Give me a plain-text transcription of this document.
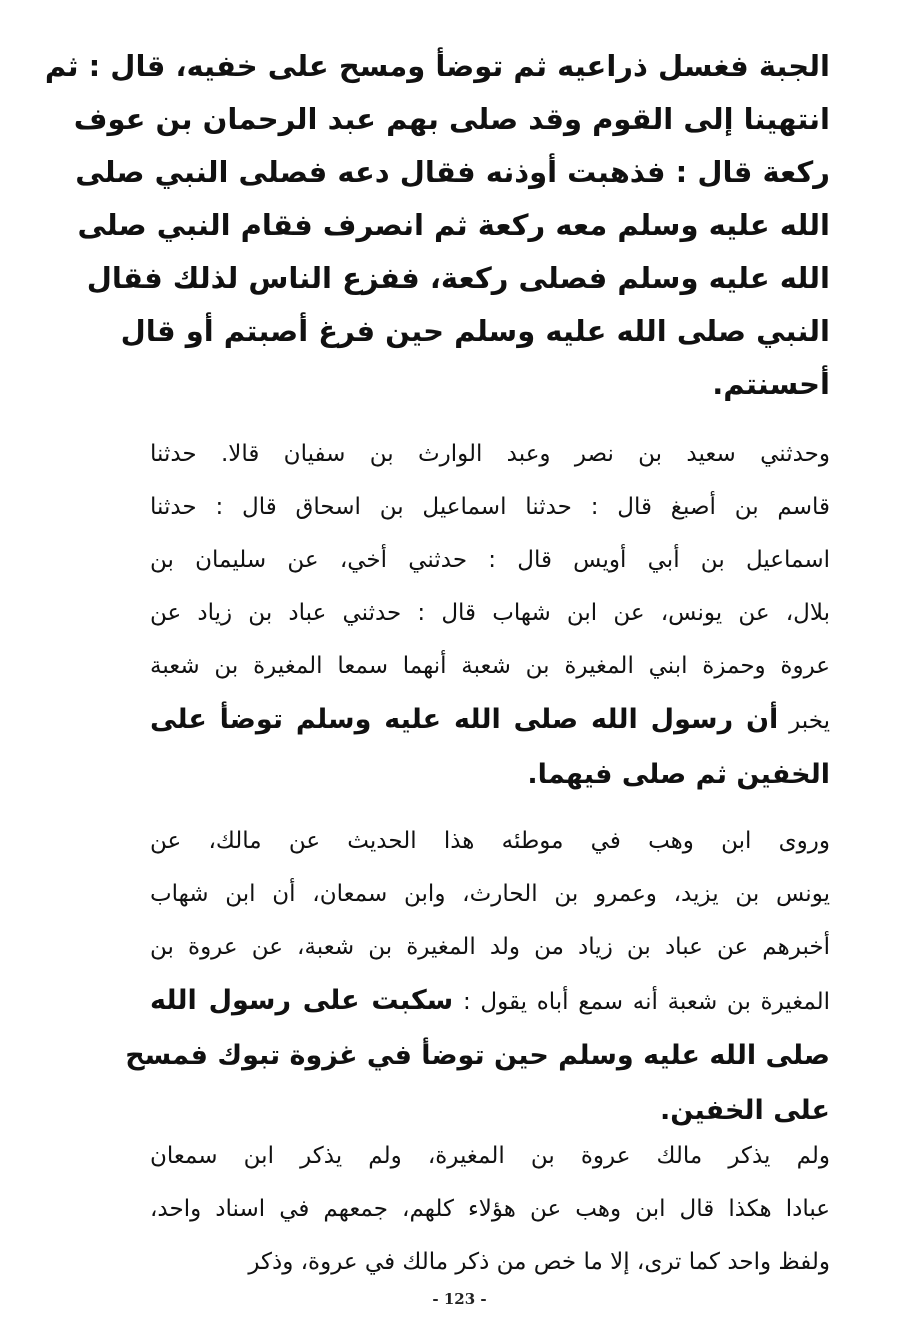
الجبة فغسل ذراعيه ثم توضأ ومسح على خفيه، قال : ثم
انتهينا إلى القوم وقد صلى بهم عبد الرحمان بن عوف
ركعة قال : فذهبت أوذنه فقال دعه فصلى النبي صلى
الله عليه وسلم معه ركعة ثم انصرف فقام النبي صلى
الله عليه وسلم فصلى ركعة، ففزع الناس لذلك فقال
النبي صلى الله عليه وسلم حين فرغ أصبتم أو قال
أحسنتم.
وحدثني سعيد بن نصر وعبد الوارث بن سفيان قالا. حدثنا
قاسم بن أصبغ قال : حدثنا اسماعيل بن اسحاق قال : حدثنا
اسماعيل بن أبي أويس قال : حدثني أخي، عن سليمان بن
بلال، عن يونس، عن ابن شهاب قال : حدثني عباد بن زياد عن
عروة وحمزة ابني المغيرة بن شعبة أنهما سمعا المغيرة بن شعبة
يخبر أن رسول الله صلى الله عليه وسلم توضأ على
الخفين ثم صلى فيهما.
وروى ابن وهب في موطئه هذا الحديث عن مالك، عن
يونس بن يزيد، وعمرو بن الحارث، وابن سمعان، أن ابن شهاب
أخبرهم عن عباد بن زياد من ولد المغيرة بن شعبة، عن عروة بن
المغيرة بن شعبة أنه سمع أباه يقول : سكبت على رسول الله
صلى الله عليه وسلم حين توضأ في غزوة تبوك فمسح
على الخفين.
ولم يذكر مالك عروة بن المغيرة، ولم يذكر ابن سمعان
عبادا هكذا قال ابن وهب عن هؤلاء كلهم، جمعهم في اسناد واحد،
ولفظ واحد كما ترى، إلا ما خص من ذكر مالك في عروة، وذكر
- 123 -
